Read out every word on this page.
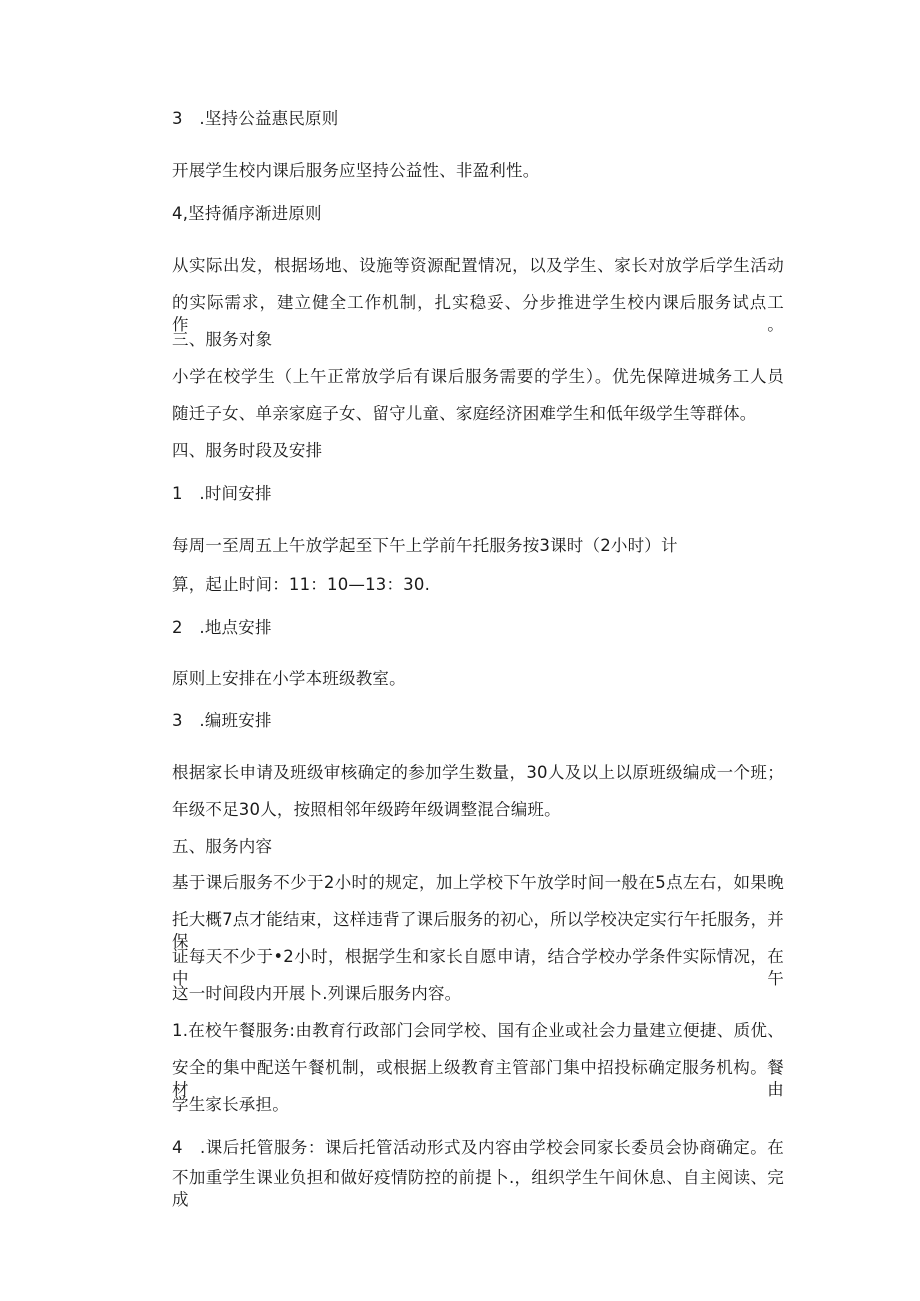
3　.坚持公益惠民原则
开展学生校内课后服务应坚持公益性、非盈利性。
4,坚持循序渐进原则
从实际出发，根据场地、设施等资源配置情况，以及学生、家长对放学后学生活动
的实际需求，建立健全工作机制，扎实稳妥、分步推进学生校内课后服务试点工作。
三、服务对象
小学在校学生（上午正常放学后有课后服务需要的学生）。优先保障进城务工人员
随迁子女、单亲家庭子女、留守儿童、家庭经济困难学生和低年级学生等群体。
四、服务时段及安排
1　.时间安排
每周一至周五上午放学起至下午上学前午托服务按3课时（2小时）计
算，起止时间：11：10—13：30.
2　.地点安排
原则上安排在小学本班级教室。
3　.编班安排
根据家长申请及班级审核确定的参加学生数量，30人及以上以原班级编成一个班；
年级不足30人，按照相邻年级跨年级调整混合编班。
五、服务内容
基于课后服务不少于2小时的规定，加上学校下午放学时间一般在5点左右，如果晚
托大概7点才能结束，这样违背了课后服务的初心，所以学校决定实行午托服务，并保
证每天不少于•2小时，根据学生和家长自愿申请，结合学校办学条件实际情况，在中午
这一时间段内开展卜.列课后服务内容。
1.在校午餐服务:由教育行政部门会同学校、国有企业或社会力量建立便捷、质优、
安全的集中配送午餐机制，或根据上级教育主管部门集中招投标确定服务机构。餐材由
学生家长承担。
4　.课后托管服务：课后托管活动形式及内容由学校会同家长委员会协商确定。在
不加重学生课业负担和做好疫情防控的前提卜.，组织学生午间休息、自主阅读、完成
